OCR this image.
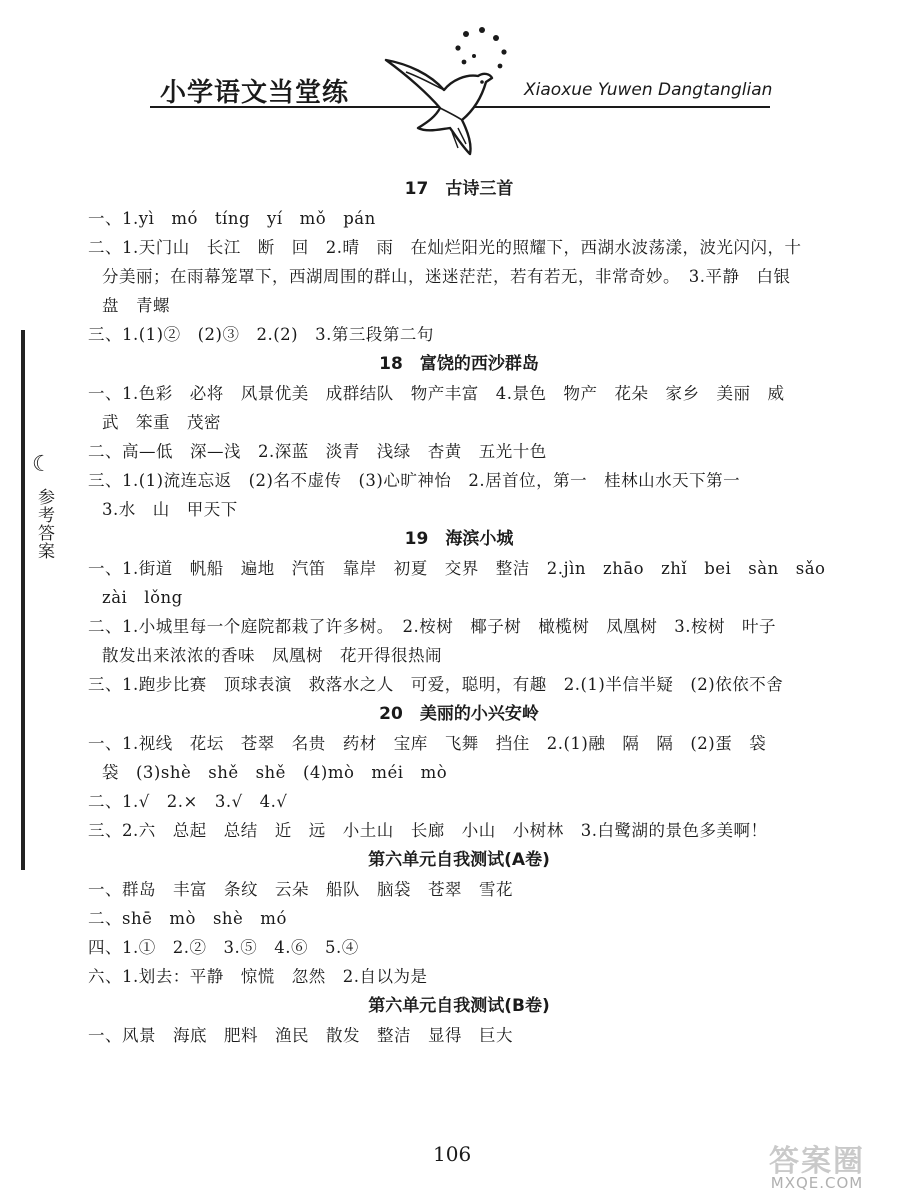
小学语文当堂练	Xiaoxue Yuwen Dangtanglian
☾
参考答案
17　古诗三首
一、1.yì　mó　tíng　yí　mǒ　pán
二、1.天门山　长江　断　回　2.晴　雨　在灿烂阳光的照耀下，西湖水波荡漾，波光闪闪，十
分美丽；在雨幕笼罩下，西湖周围的群山，迷迷茫茫，若有若无，非常奇妙。　3.平静　白银
盘　青螺
三、1.(1)②　(2)③　2.(2)　3.第三段第二句
18　富饶的西沙群岛
一、1.色彩　必将　风景优美　成群结队　物产丰富　4.景色　物产　花朵　家乡　美丽　威
武　笨重　茂密
二、高—低　深—浅　2.深蓝　淡青　浅绿　杏黄　五光十色
三、1.(1)流连忘返　(2)名不虚传　(3)心旷神怡　2.居首位，第一　桂林山水天下第一
3.水　山　甲天下
19　海滨小城
一、1.街道　帆船　遍地　汽笛　靠岸　初夏　交界　整洁　2.jìn　zhāo　zhǐ　bei　sàn　sǎo
zài　lǒng
二、1.小城里每一个庭院都栽了许多树。　2.桉树　椰子树　橄榄树　凤凰树　3.桉树　叶子
散发出来浓浓的香味　凤凰树　花开得很热闹
三、1.跑步比赛　顶球表演　救落水之人　可爱，聪明，有趣　2.(1)半信半疑　(2)依依不舍
20　美丽的小兴安岭
一、1.视线　花坛　苍翠　名贵　药材　宝库　飞舞　挡住　2.(1)融　隔　隔　(2)蛋　袋
袋　(3)shè　shě　shě　(4)mò　méi　mò
二、1.√　2.×　3.√　4.√
三、2.六　总起　总结　近　远　小土山　长廊　小山　小树林　3.白鹭湖的景色多美啊！
第六单元自我测试(A卷)
一、群岛　丰富　条纹　云朵　船队　脑袋　苍翠　雪花
二、shē　mò　shè　mó
四、1.①　2.②　3.⑤　4.⑥　5.④
六、1.划去：平静　惊慌　忽然　2.自以为是
第六单元自我测试(B卷)
一、风景　海底　肥料　渔民　散发　整洁　显得　巨大
106	答案圈
MXQE.COM
